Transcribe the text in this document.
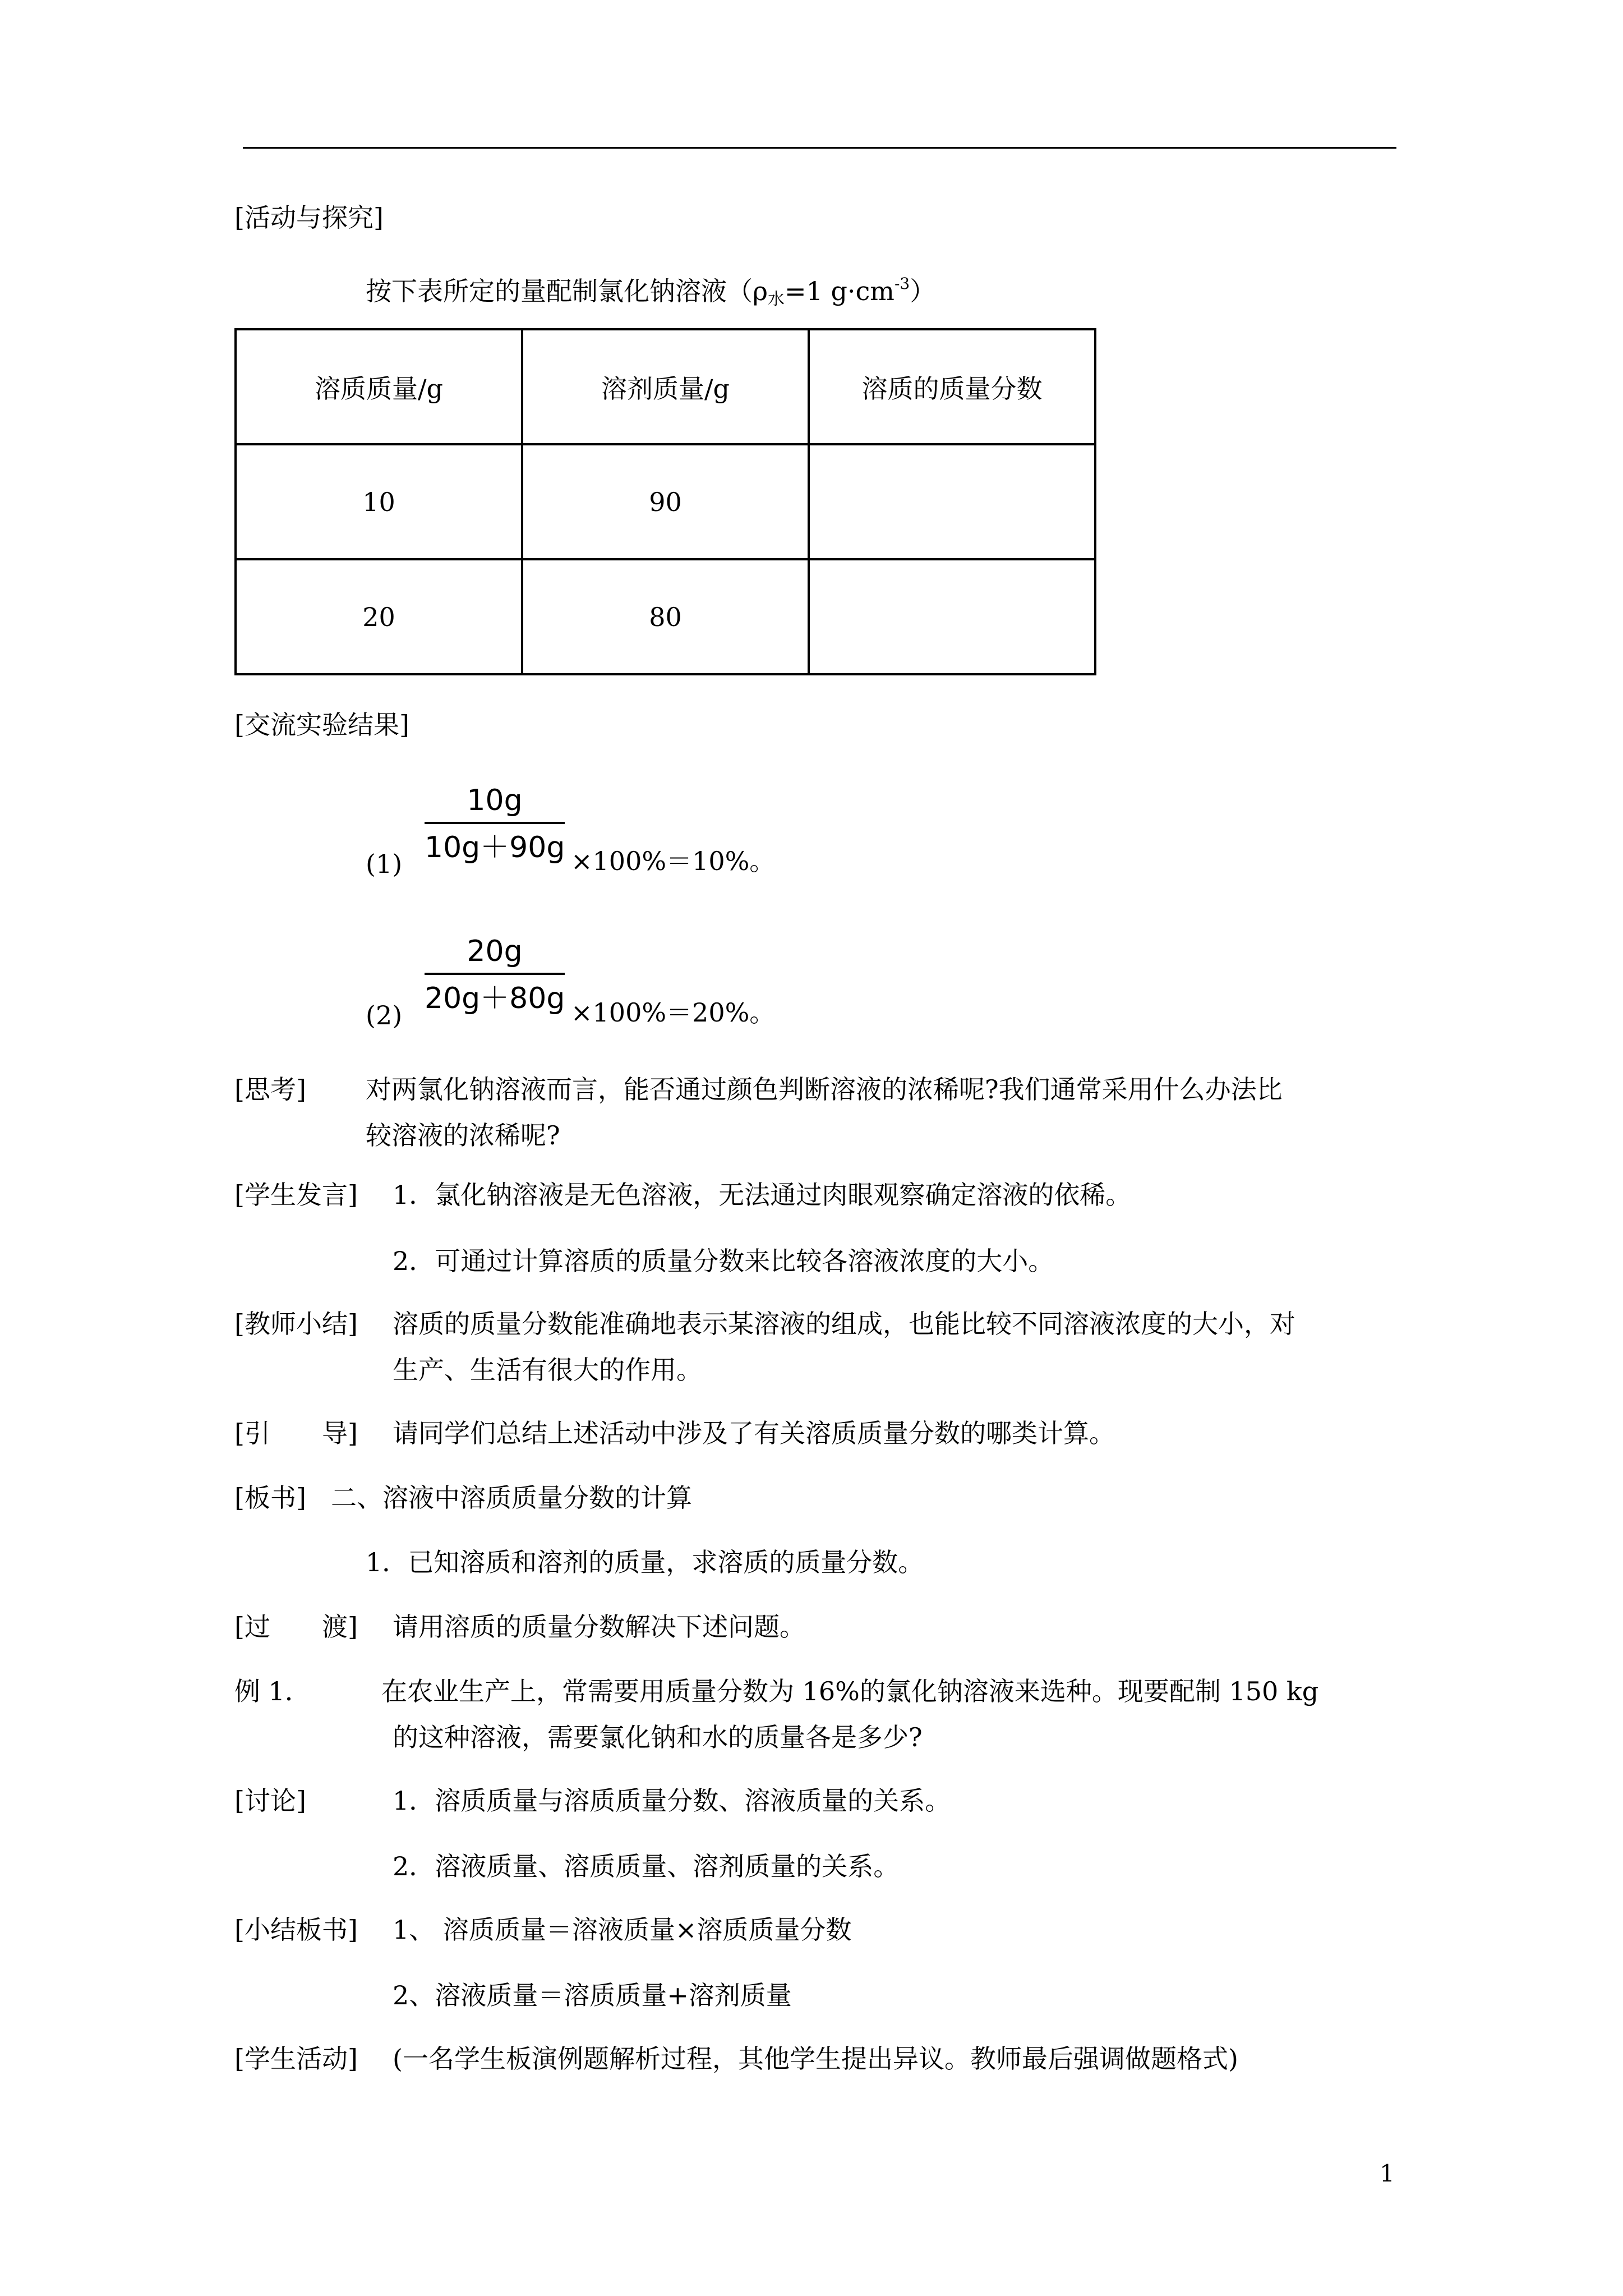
[活动与探究]
按下表所定的量配制氯化钠溶液（$\rho_水=1$ $g\cdot cm^{-3}$）
溶质质量/g	溶剂质量/g	溶质的质量分数
10	90	
20	80	
[交流实验结果]
(1)
10g
10g＋90g ×100%＝10%。
(2)
20g
20g＋80g ×100%＝20%。
[思考] 对两氯化钠溶液而言，能否通过颜色判断溶液的浓稀呢?我们通常采用什么办法比
较溶液的浓稀呢?
[学生发言] 1．氯化钠溶液是无色溶液，无法通过肉眼观察确定溶液的依稀。
2．可通过计算溶质的质量分数来比较各溶液浓度的大小。
[教师小结] 溶质的质量分数能准确地表示某溶液的组成，也能比较不同溶液浓度的大小，对
生产、生活有很大的作用。
[引　　导] 请同学们总结上述活动中涉及了有关溶质质量分数的哪类计算。
[板书] 二、溶液中溶质质量分数的计算
1．已知溶质和溶剂的质量，求溶质的质量分数。
[过　　渡] 请用溶质的质量分数解决下述问题。
例 1．	在农业生产上，常需要用质量分数为 16%的氯化钠溶液来选种。现要配制 150 kg
的这种溶液，需要氯化钠和水的质量各是多少?
[讨论]	1．溶质质量与溶质质量分数、溶液质量的关系。
2．溶液质量、溶质质量、溶剂质量的关系。
[小结板书] 1、 溶质质量＝溶液质量×溶质质量分数
2、溶液质量＝溶质质量+溶剂质量
[学生活动] (一名学生板演例题解析过程，其他学生提出异议。教师最后强调做题格式)
1
